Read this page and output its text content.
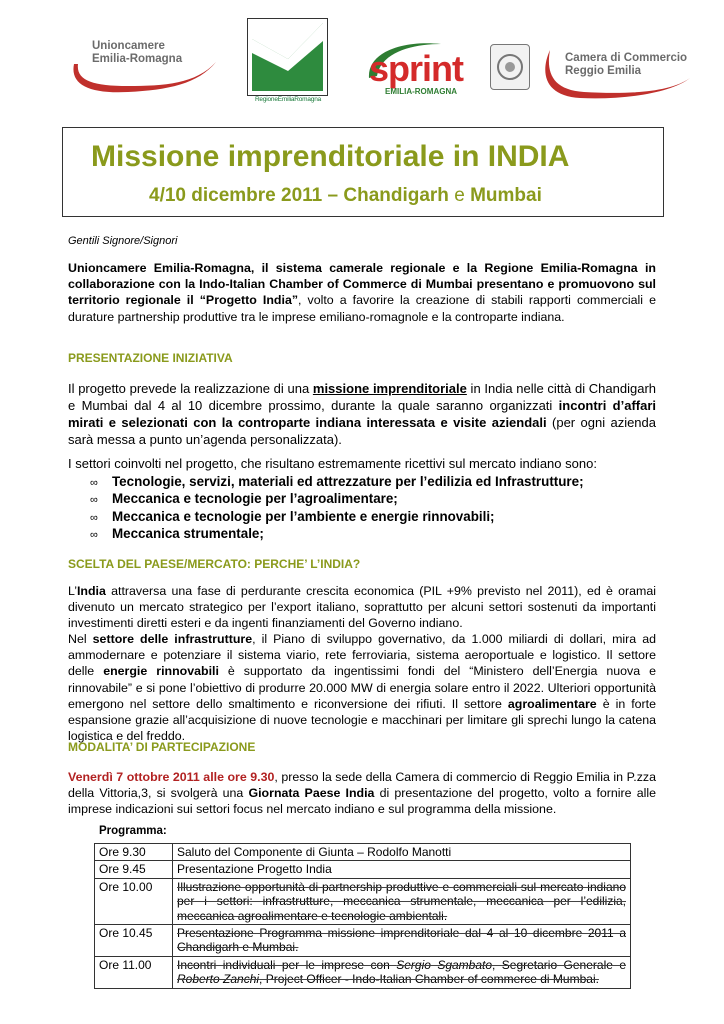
Unioncamere
Emilia-Romagna
RegioneEmiliaRomagna
sprint
EMILIA-ROMAGNA
Camera di Commercio
Reggio Emilia
Missione imprenditoriale in INDIA
4/10 dicembre 2011 – Chandigarh e Mumbai
Gentili Signore/Signori
Unioncamere Emilia-Romagna, il sistema camerale regionale e la Regione Emilia-Romagna in collaborazione con la Indo-Italian Chamber of Commerce di Mumbai presentano e promuovono sul territorio regionale il “Progetto India”, volto a favorire la creazione di stabili rapporti commerciali e durature partnership produttive tra le imprese emiliano-romagnole e la controparte indiana.
PRESENTAZIONE INIZIATIVA
Il progetto prevede la realizzazione di una missione imprenditoriale in India nelle città di Chandigarh e Mumbai dal 4 al 10 dicembre prossimo, durante la quale saranno organizzati incontri d’affari mirati e selezionati con la controparte indiana interessata e visite aziendali (per ogni azienda sarà messa a punto un’agenda personalizzata).
I settori coinvolti nel progetto, che risultano estremamente ricettivi sul mercato indiano sono:
∞ Tecnologie, servizi, materiali ed attrezzature per l’edilizia ed Infrastrutture;
∞ Meccanica e tecnologie per l’agroalimentare;
∞ Meccanica e tecnologie per l’ambiente e energie rinnovabili;
∞ Meccanica strumentale;
SCELTA DEL PAESE/MERCATO: PERCHE’ L’INDIA?
L’India attraversa una fase di perdurante crescita economica (PIL +9% previsto nel 2011), ed è oramai divenuto un mercato strategico per l’export italiano, soprattutto per alcuni settori sostenuti da importanti investimenti diretti esteri e da ingenti finanziamenti del Governo indiano.
Nel settore delle infrastrutture, il Piano di sviluppo governativo, da 1.000 miliardi di dollari, mira ad ammodernare e potenziare il sistema viario, rete ferroviaria, sistema aeroportuale e logistico. Il settore delle energie rinnovabili è supportato da ingentissimi fondi del “Ministero dell’Energia nuova e rinnovabile” e si pone l’obiettivo di produrre 20.000 MW di energia solare entro il 2022. Ulteriori opportunità emergono nel settore dello smaltimento e riconversione dei rifiuti. Il settore agroalimentare è in forte espansione grazie all’acquisizione di nuove tecnologie e macchinari per limitare gli sprechi lungo la catena logistica e del freddo.
MODALITA’ DI PARTECIPAZIONE
Venerdì 7 ottobre 2011 alle ore 9.30, presso la sede della Camera di commercio di Reggio Emilia in P.zza della Vittoria,3, si svolgerà una Giornata Paese India di presentazione del progetto, volto a fornire alle imprese indicazioni sui settori focus nel mercato indiano e sul programma della missione.
Programma:
Ore 9.30	Saluto del Componente di Giunta – Rodolfo Manotti
Ore 9.45	Presentazione Progetto India
Ore 10.00	Illustrazione opportunità di partnership produttive e commerciali sul mercato indiano per i settori: infrastrutture, meccanica strumentale, meccanica per l’edilizia, meccanica agroalimentare e tecnologie ambientali.
Ore 10.45	Presentazione Programma missione imprenditoriale dal 4 al 10 dicembre 2011 a Chandigarh e Mumbai.
Ore 11.00	Incontri individuali per le imprese con Sergio Sgambato, Segretario Generale e Roberto Zanchi, Project Officer - Indo-Italian Chamber of commerce di Mumbai.
